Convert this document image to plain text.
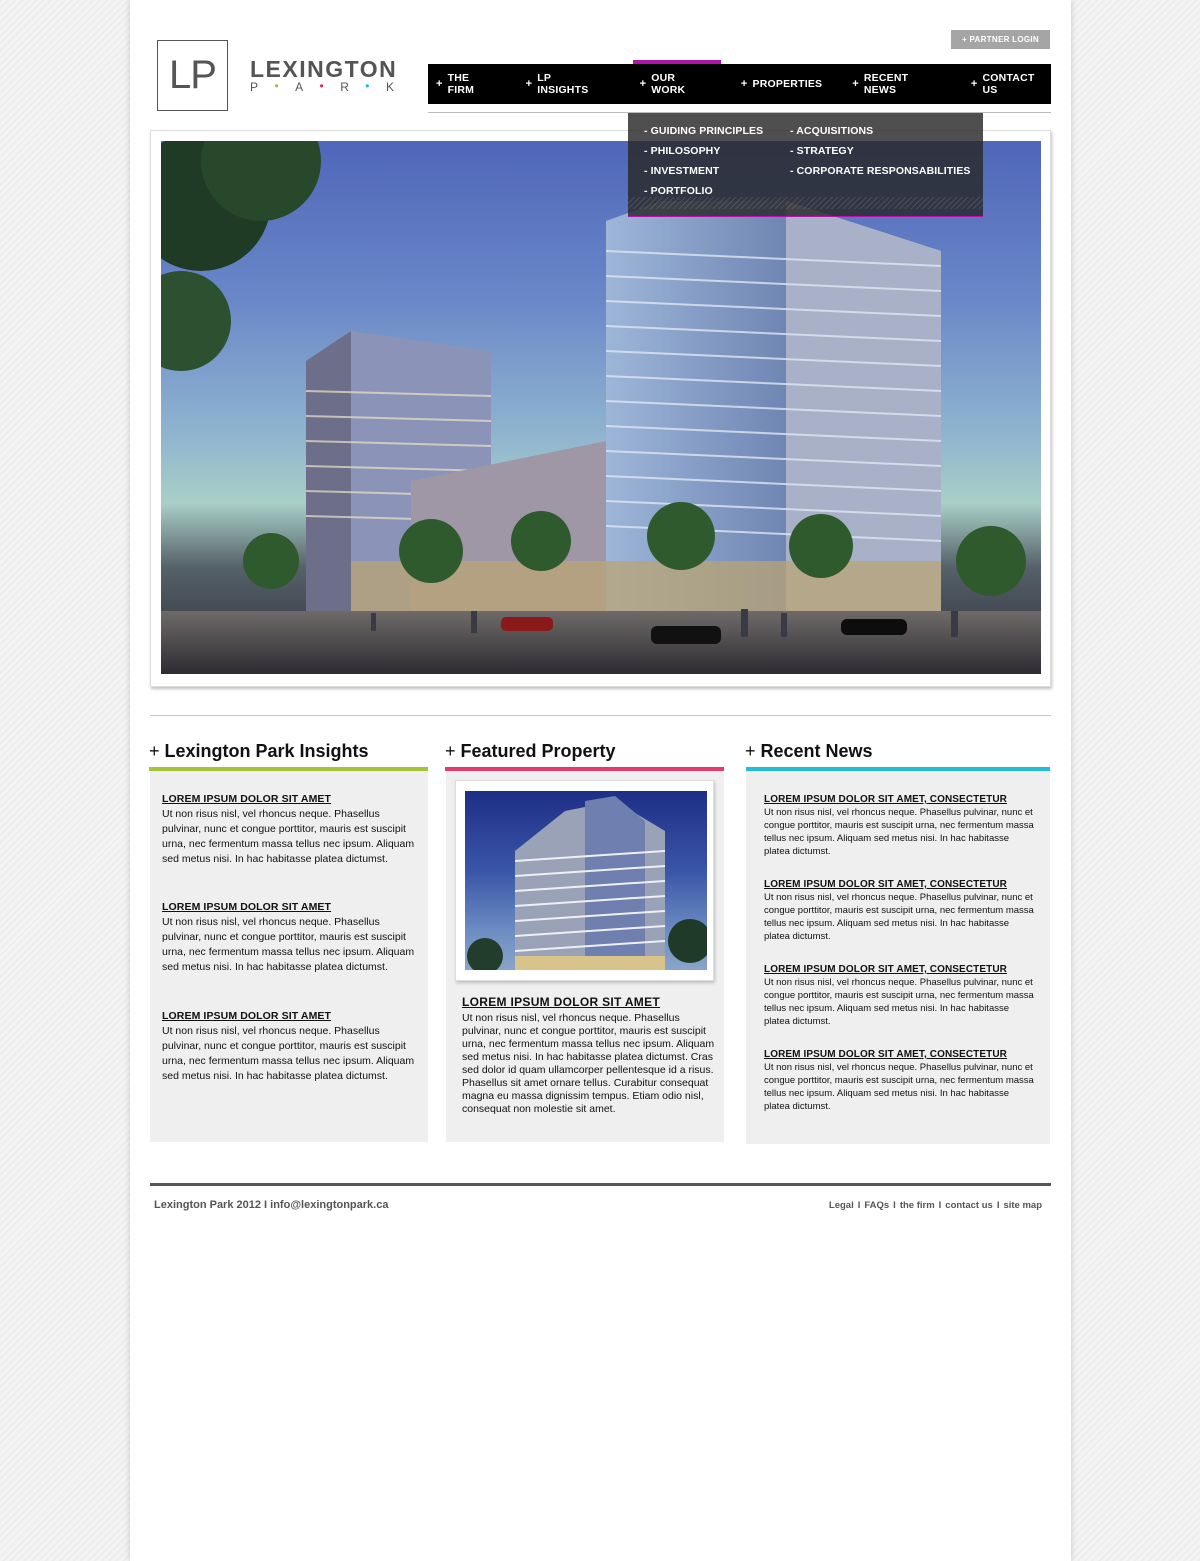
LP LEXINGTON
P • A • R • K
+ PARTNER LOGIN
+ THE FIRM	+ LP INSIGHTS	+ OUR WORK	+ PROPERTIES	+ RECENT NEWS	+ CONTACT US
- GUIDING PRINCIPLES
- PHILOSOPHY
- INVESTMENT
- PORTFOLIO
- ACQUISITIONS
- STRATEGY
- CORPORATE RESPONSABILITIES
+ Lexington Park Insights
LOREM IPSUM DOLOR SIT AMET
Ut non risus nisl, vel rhoncus neque. Phasellus pulvinar, nunc et congue porttitor, mauris est suscipit urna, nec fermentum massa tellus nec ipsum. Aliquam sed metus nisi. In hac habitasse platea dictumst.
LOREM IPSUM DOLOR SIT AMET
Ut non risus nisl, vel rhoncus neque. Phasellus pulvinar, nunc et congue porttitor, mauris est suscipit urna, nec fermentum massa tellus nec ipsum. Aliquam sed metus nisi. In hac habitasse platea dictumst.
LOREM IPSUM DOLOR SIT AMET
Ut non risus nisl, vel rhoncus neque. Phasellus pulvinar, nunc et congue porttitor, mauris est suscipit urna, nec fermentum massa tellus nec ipsum. Aliquam sed metus nisi. In hac habitasse platea dictumst.
+ Featured Property
LOREM IPSUM DOLOR SIT AMET
Ut non risus nisl, vel rhoncus neque. Phasellus pulvinar, nunc et congue porttitor, mauris est suscipit urna, nec fermentum massa tellus nec ipsum. Aliquam sed metus nisi. In hac habitasse platea dictumst. Cras sed dolor id quam ullamcorper pellentesque id a risus. Phasellus sit amet ornare tellus. Curabitur consequat magna eu massa dignissim tempus. Etiam odio nisl, consequat non molestie sit amet.
+ Recent News
LOREM IPSUM DOLOR SIT AMET, CONSECTETUR
Ut non risus nisl, vel rhoncus neque. Phasellus pulvinar, nunc et congue porttitor, mauris est suscipit urna, nec fermentum massa tellus nec ipsum. Aliquam sed metus nisi. In hac habitasse platea dictumst.
LOREM IPSUM DOLOR SIT AMET, CONSECTETUR
Ut non risus nisl, vel rhoncus neque. Phasellus pulvinar, nunc et congue porttitor, mauris est suscipit urna, nec fermentum massa tellus nec ipsum. Aliquam sed metus nisi. In hac habitasse platea dictumst.
LOREM IPSUM DOLOR SIT AMET, CONSECTETUR
Ut non risus nisl, vel rhoncus neque. Phasellus pulvinar, nunc et congue porttitor, mauris est suscipit urna, nec fermentum massa tellus nec ipsum. Aliquam sed metus nisi. In hac habitasse platea dictumst.
LOREM IPSUM DOLOR SIT AMET, CONSECTETUR
Ut non risus nisl, vel rhoncus neque. Phasellus pulvinar, nunc et congue porttitor, mauris est suscipit urna, nec fermentum massa tellus nec ipsum. Aliquam sed metus nisi. In hac habitasse platea dictumst.
Lexington Park 2012 I info@lexingtonpark.ca	Legal I FAQs I the firm I contact us I site map
